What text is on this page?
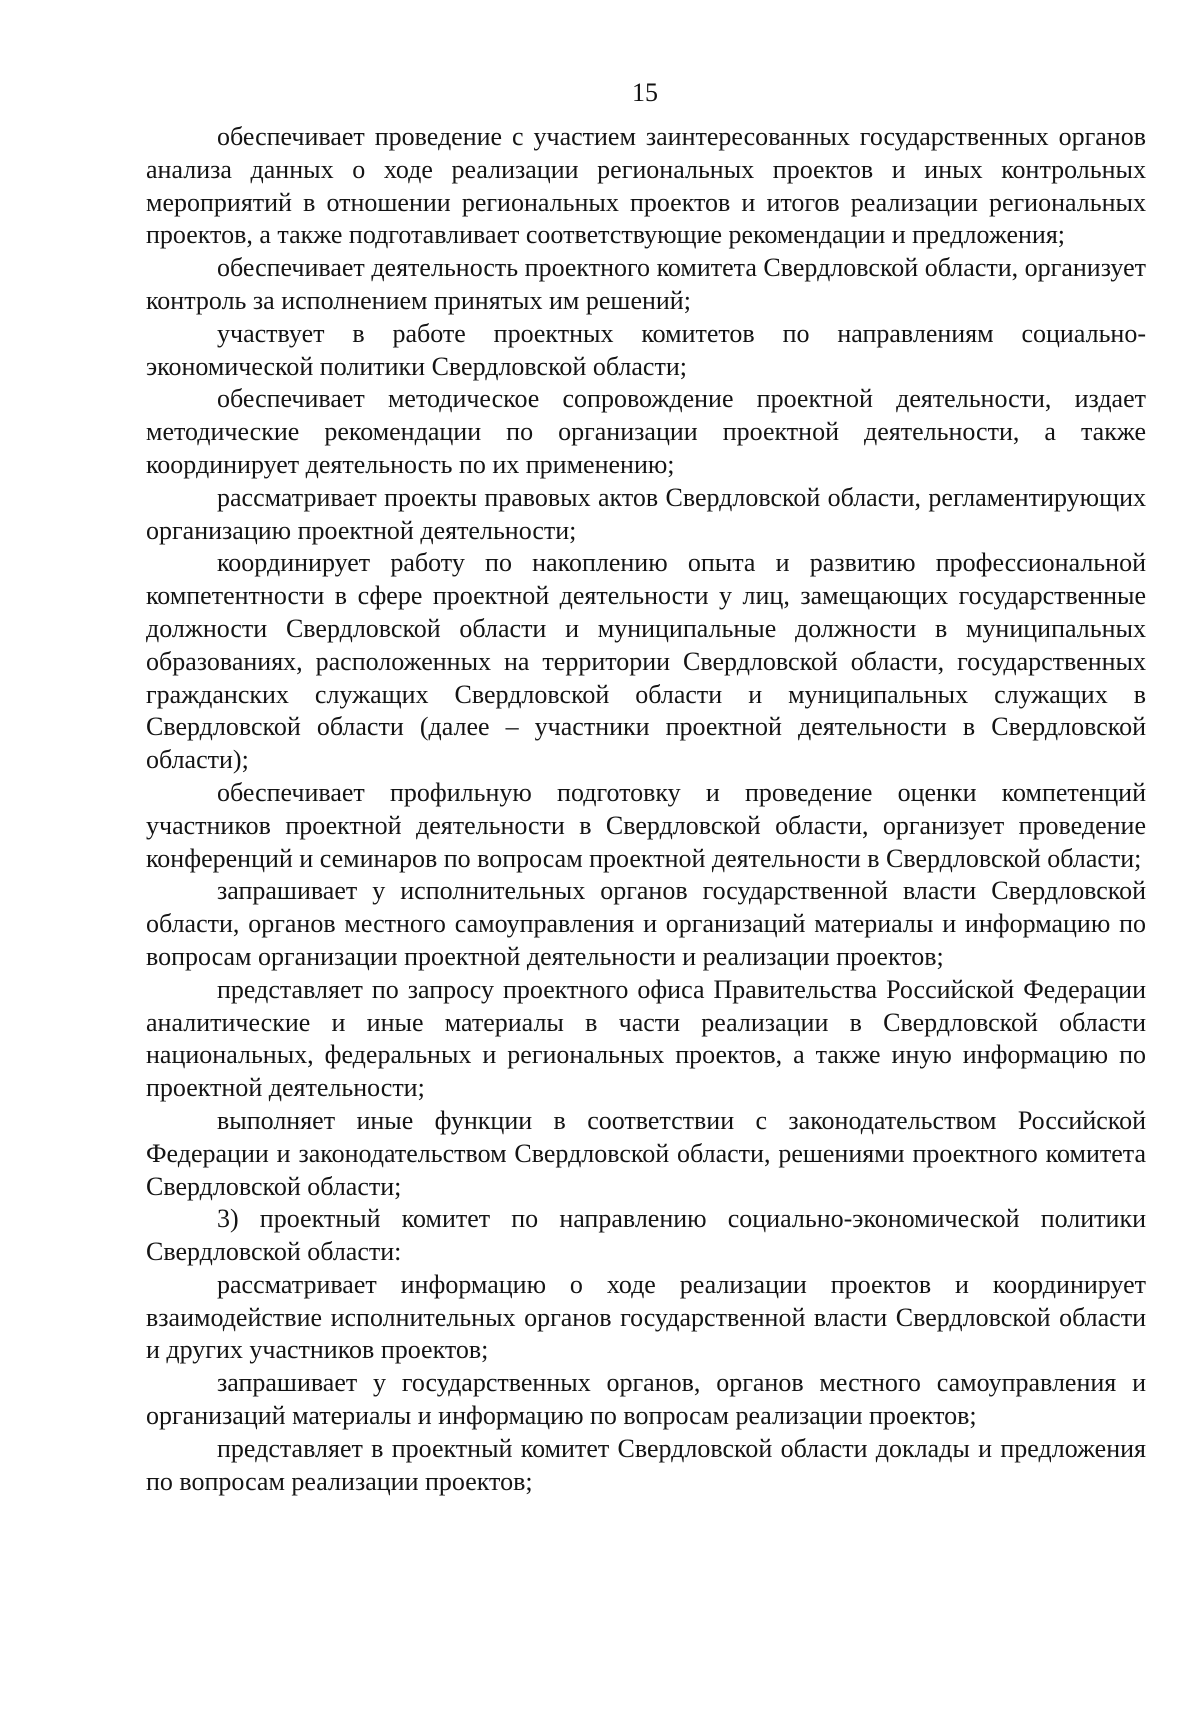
15

обеспечивает проведение с участием заинтересованных государственных органов анализа данных о ходе реализации региональных проектов и иных контрольных мероприятий в отношении региональных проектов и итогов реализации региональных проектов, а также подготавливает соответствующие рекомендации и предложения;

обеспечивает деятельность проектного комитета Свердловской области, организует контроль за исполнением принятых им решений;

участвует в работе проектных комитетов по направлениям социально-экономической политики Свердловской области;

обеспечивает методическое сопровождение проектной деятельности, издает методические рекомендации по организации проектной деятельности, а также координирует деятельность по их применению;

рассматривает проекты правовых актов Свердловской области, регламентирующих организацию проектной деятельности;

координирует работу по накоплению опыта и развитию профессиональной компетентности в сфере проектной деятельности у лиц, замещающих государственные должности Свердловской области и муниципальные должности в муниципальных образованиях, расположенных на территории Свердловской области, государственных гражданских служащих Свердловской области и муниципальных служащих в Свердловской области (далее – участники проектной деятельности в Свердловской области);

обеспечивает профильную подготовку и проведение оценки компетенций участников проектной деятельности в Свердловской области, организует проведение конференций и семинаров по вопросам проектной деятельности в Свердловской области;

запрашивает у исполнительных органов государственной власти Свердловской области, органов местного самоуправления и организаций материалы и информацию по вопросам организации проектной деятельности и реализации проектов;

представляет по запросу проектного офиса Правительства Российской Федерации аналитические и иные материалы в части реализации в Свердловской области национальных, федеральных и региональных проектов, а также иную информацию по проектной деятельности;

выполняет иные функции в соответствии с законодательством Российской Федерации и законодательством Свердловской области, решениями проектного комитета Свердловской области;

3) проектный комитет по направлению социально-экономической политики Свердловской области:

рассматривает информацию о ходе реализации проектов и координирует взаимодействие исполнительных органов государственной власти Свердловской области и других участников проектов;

запрашивает у государственных органов, органов местного самоуправления и организаций материалы и информацию по вопросам реализации проектов;

представляет в проектный комитет Свердловской области доклады и предложения по вопросам реализации проектов;
